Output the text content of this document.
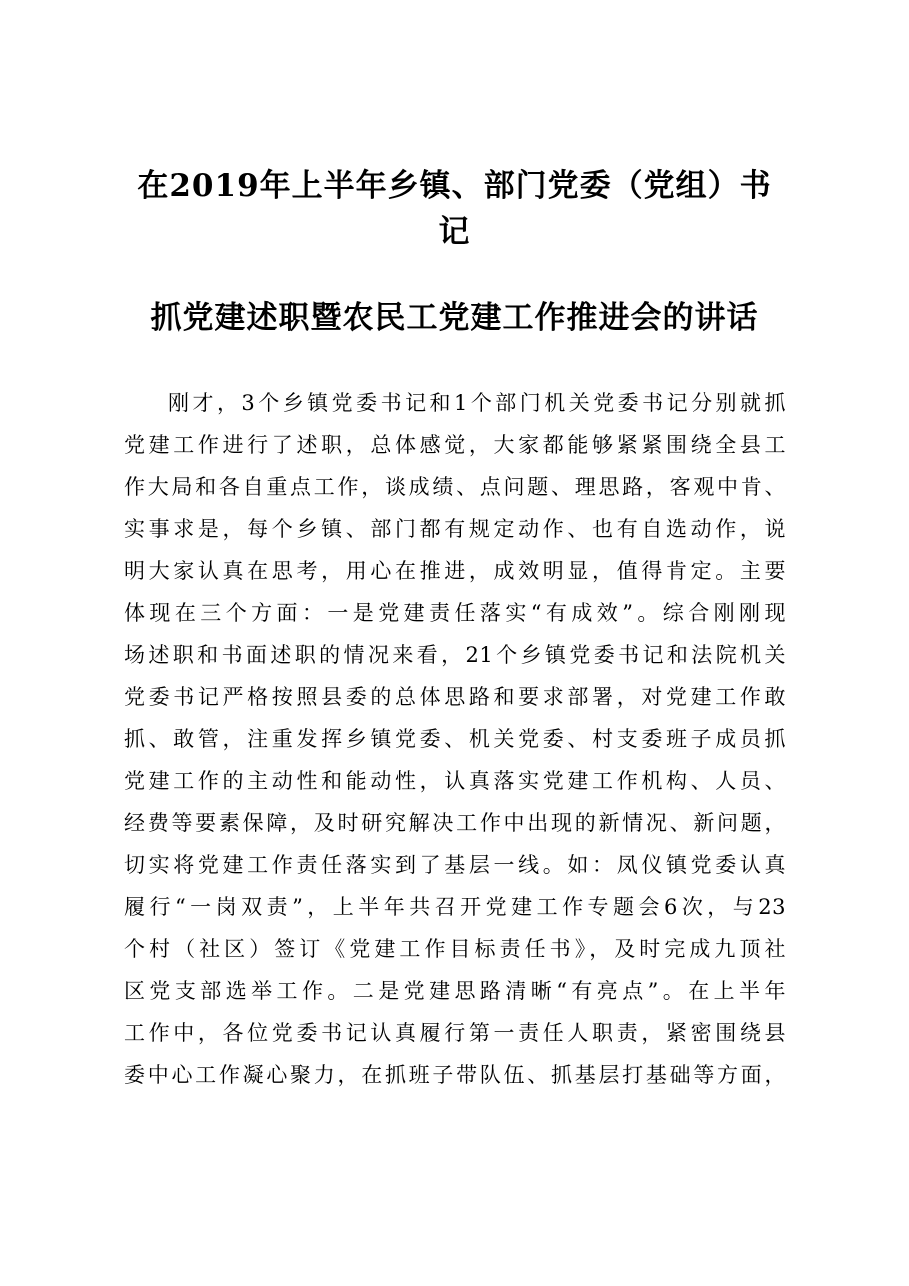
在2019年上半年乡镇、部门党委（党组）书
记
抓党建述职暨农民工党建工作推进会的讲话
刚才，3个乡镇党委书记和1个部门机关党委书记分别就抓
党建工作进行了述职，总体感觉，大家都能够紧紧围绕全县工
作大局和各自重点工作，谈成绩、点问题、理思路，客观中肯、
实事求是，每个乡镇、部门都有规定动作、也有自选动作，说
明大家认真在思考，用心在推进，成效明显，值得肯定。主要
体现在三个方面：一是党建责任落实“有成效”。综合刚刚现
场述职和书面述职的情况来看，21个乡镇党委书记和法院机关
党委书记严格按照县委的总体思路和要求部署，对党建工作敢
抓、敢管，注重发挥乡镇党委、机关党委、村支委班子成员抓
党建工作的主动性和能动性，认真落实党建工作机构、人员、
经费等要素保障，及时研究解决工作中出现的新情况、新问题，
切实将党建工作责任落实到了基层一线。如：凤仪镇党委认真
履行“一岗双责”，上半年共召开党建工作专题会6次，与23
个村（社区）签订《党建工作目标责任书》，及时完成九顶社
区党支部选举工作。二是党建思路清晰“有亮点”。在上半年
工作中，各位党委书记认真履行第一责任人职责，紧密围绕县
委中心工作凝心聚力，在抓班子带队伍、抓基层打基础等方面，
